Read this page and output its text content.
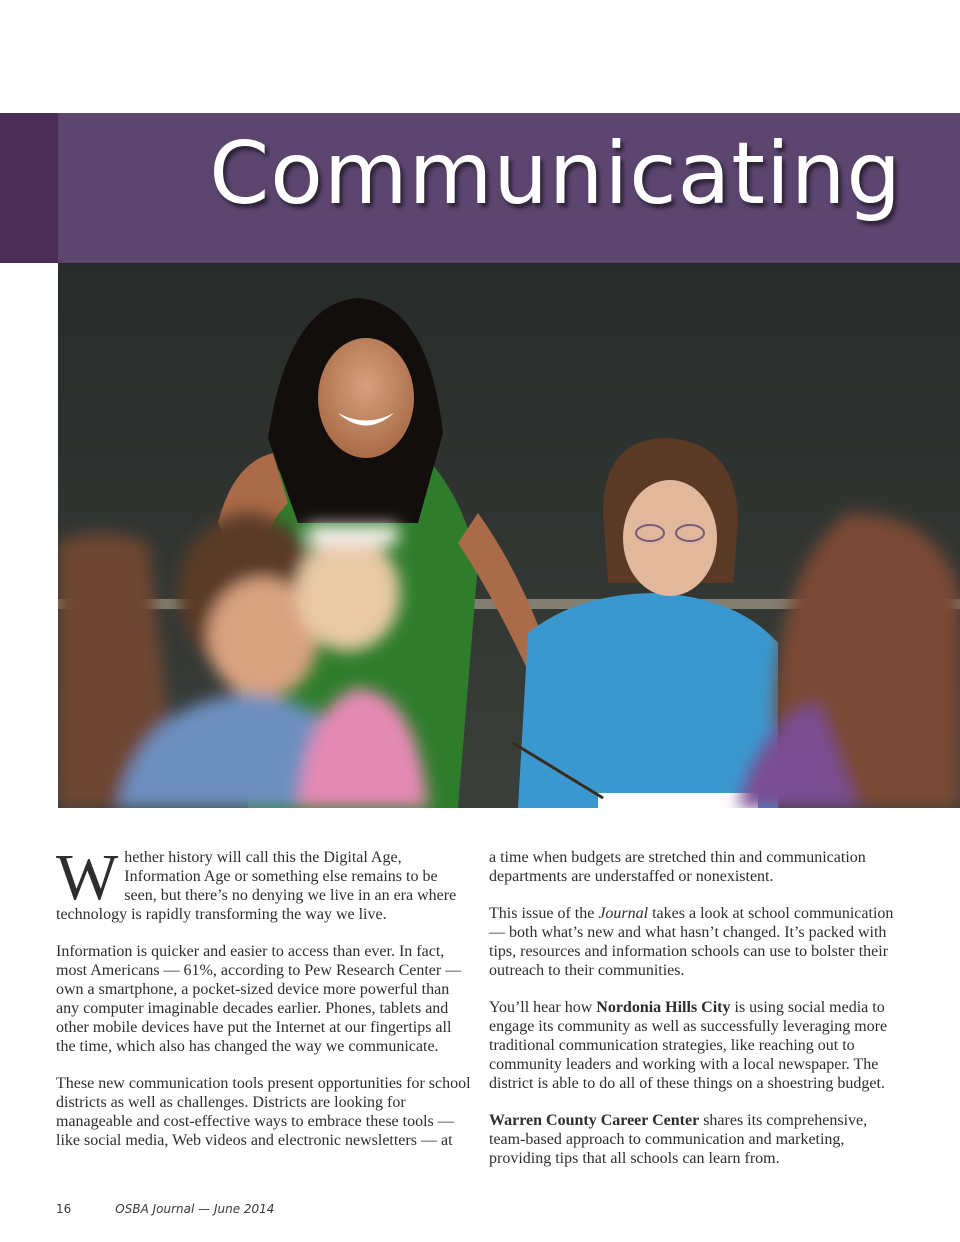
Communicating

Whether history will call this the Digital Age, Information Age or something else remains to be seen, but there’s no denying we live in an era where technology is rapidly transforming the way we live.

Information is quicker and easier to access than ever. In fact, most Americans — 61%, according to Pew Research Center — own a smartphone, a pocket-sized device more powerful than any computer imaginable decades earlier. Phones, tablets and other mobile devices have put the Internet at our fingertips all the time, which also has changed the way we communicate.

These new communication tools present opportunities for school districts as well as challenges. Districts are looking for manageable and cost-effective ways to embrace these tools — like social media, Web videos and electronic newsletters — at

a time when budgets are stretched thin and communication departments are understaffed or nonexistent.

This issue of the Journal takes a look at school communication — both what’s new and what hasn’t changed. It’s packed with tips, resources and information schools can use to bolster their outreach to their communities.

You’ll hear how Nordonia Hills City is using social media to engage its community as well as successfully leveraging more traditional communication strategies, like reaching out to community leaders and working with a local newspaper. The district is able to do all of these things on a shoestring budget.

Warren County Career Center shares its comprehensive, team-based approach to communication and marketing, providing tips that all schools can learn from.

16	OSBA Journal — June 2014
